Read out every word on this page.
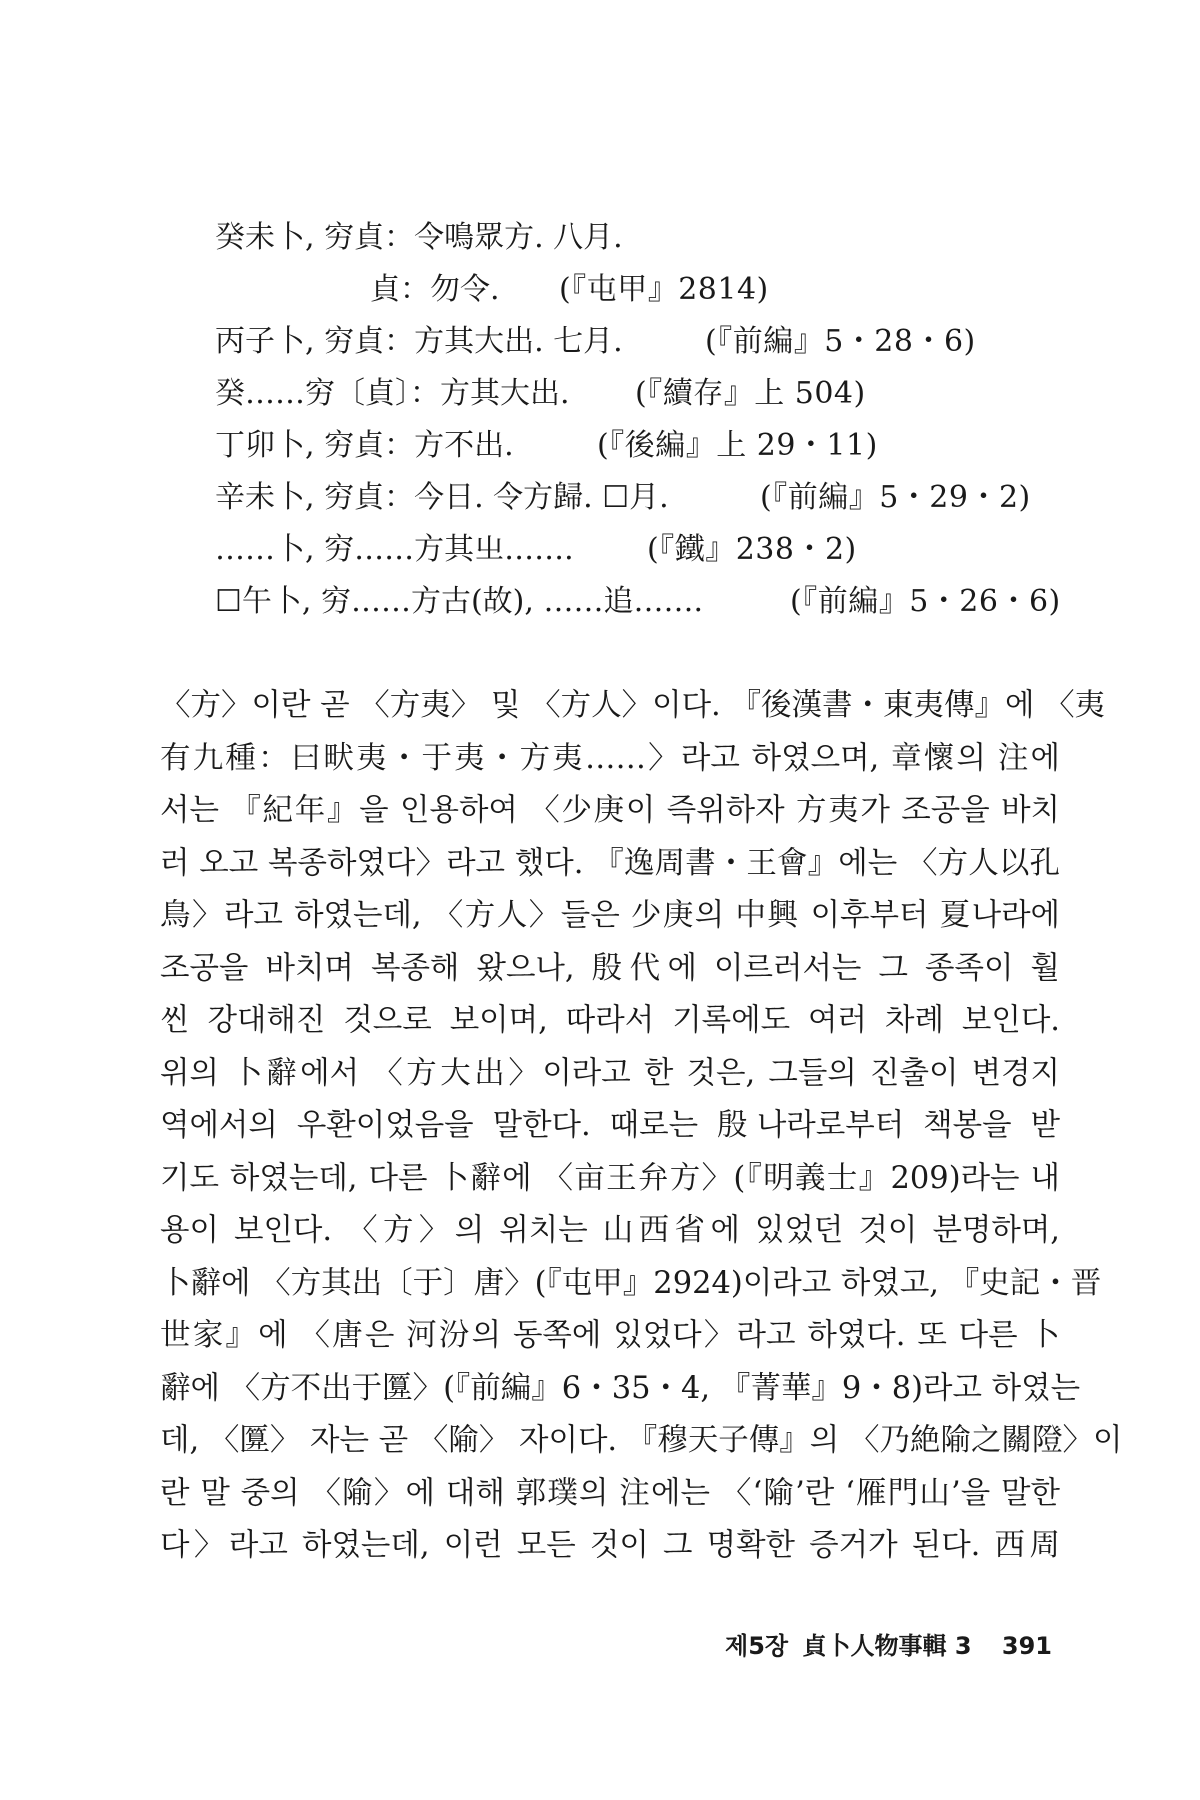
癸未卜, 穷貞：令鳴眾方. 八月.
貞：勿令. (『屯甲』2814)
丙子卜, 穷貞：方其大出. 七月.	(『前編』5・28・6)
癸……穷〔貞〕：方其大出. (『續存』上 504)
丁卯卜, 穷貞：方不出.	(『後編』上 29・11)
辛未卜, 穷貞：今日. 令方歸. ☐月.	(『前編』5・29・2)
……卜, 穷……方其㞢……. (『鐵』238・2)
☐午卜, 穷……方古(故), ……追…….	(『前編』5・26・6)
〈方〉이란 곧 〈方夷〉 및 〈方人〉이다. 『後漢書・東夷傳』에 〈夷
有九種：曰畎夷・于夷・方夷……〉라고 하였으며, 章懷의 注에
서는 『紀年』을 인용하여 〈少庚이 즉위하자 方夷가 조공을 바치
러 오고 복종하였다〉라고 했다. 『逸周書・王會』에는 〈方人以孔
鳥〉라고 하였는데, 〈方人〉들은 少庚의 中興 이후부터 夏나라에
조공을 바치며 복종해 왔으나, 殷代에 이르러서는 그 종족이 훨
씬 강대해진 것으로 보이며, 따라서 기록에도 여러 차례 보인다.
위의 卜辭에서 〈方大出〉이라고 한 것은, 그들의 진출이 변경지
역에서의 우환이었음을 말한다. 때로는 殷나라로부터 책봉을 받
기도 하였는데, 다른 卜辭에 〈亩王弁方〉(『明義士』209)라는 내
용이 보인다. 〈方〉의 위치는 山西省에 있었던 것이 분명하며,
卜辭에 〈方其出〔于〕唐〉(『屯甲』2924)이라고 하였고, 『史記・晋
世家』에 〈唐은 河汾의 동쪽에 있었다〉라고 하였다. 또 다른 卜
辭에 〈方不出于匴〉(『前編』6・35・4, 『菁華』9・8)라고 하였는
데, 〈匴〉 자는 곧 〈隃〉 자이다. 『穆天子傳』의 〈乃絶隃之關隥〉이
란 말 중의 〈隃〉에 대해 郭璞의 注에는 〈‘隃’란 ‘雁門山’을 말한
다〉라고 하였는데, 이런 모든 것이 그 명확한 증거가 된다. 西周
제5장 貞卜人物事輯 3 391
